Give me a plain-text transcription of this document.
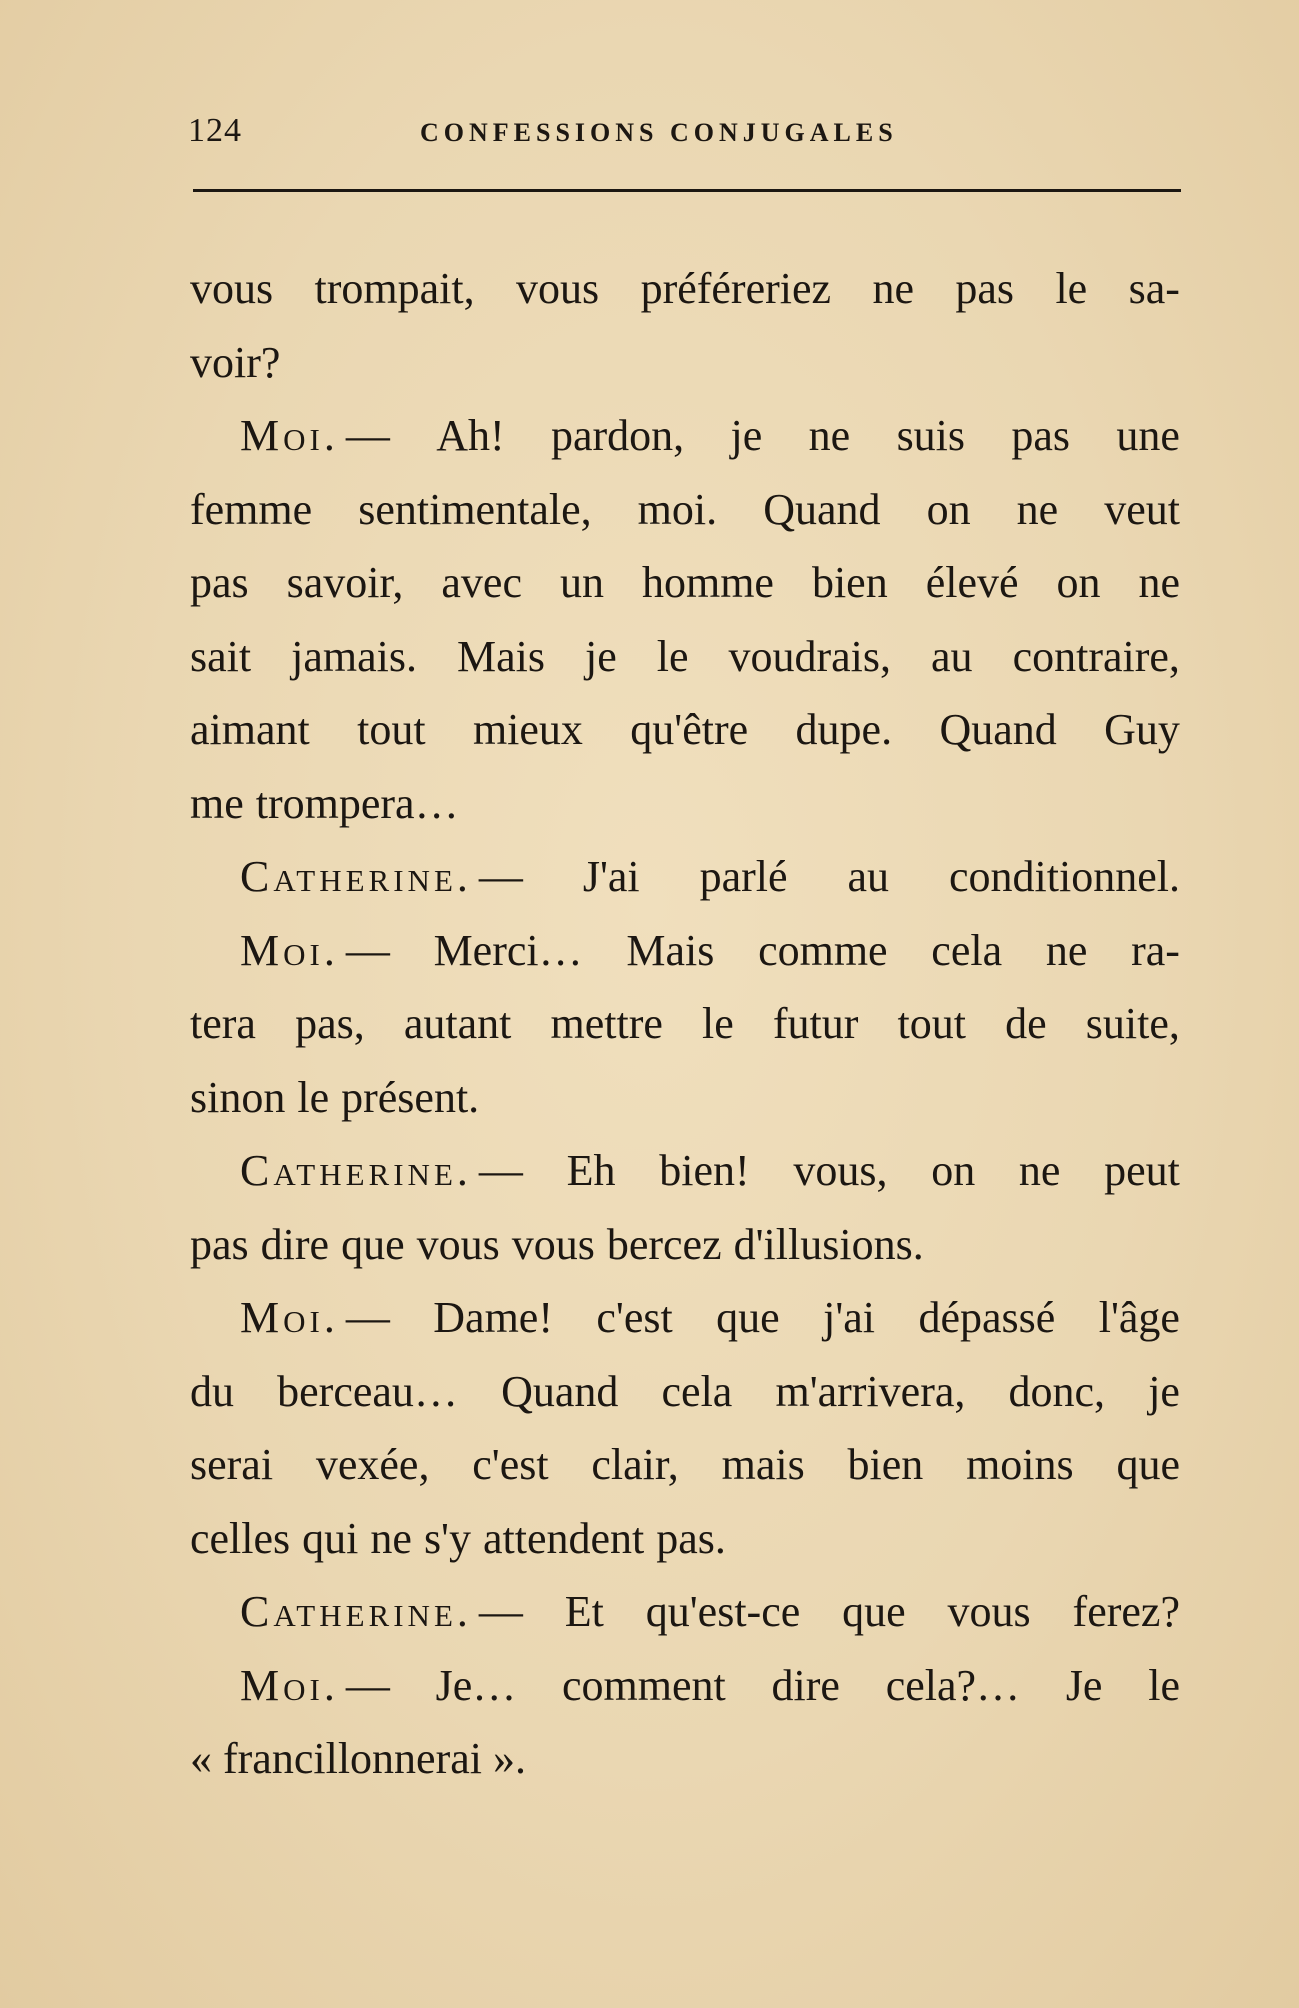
124	CONFESSIONS CONJUGALES
vous trompait, vous préféreriez ne pas le sa-
voir?
Moi. — Ah! pardon, je ne suis pas une
femme sentimentale, moi. Quand on ne veut
pas savoir, avec un homme bien élevé on ne
sait jamais. Mais je le voudrais, au contraire,
aimant tout mieux qu'être dupe. Quand Guy
me trompera…
Catherine. — J'ai parlé au conditionnel.
Moi. — Merci… Mais comme cela ne ra-
tera pas, autant mettre le futur tout de suite,
sinon le présent.
Catherine. — Eh bien! vous, on ne peut
pas dire que vous vous bercez d'illusions.
Moi. — Dame! c'est que j'ai dépassé l'âge
du berceau… Quand cela m'arrivera, donc, je
serai vexée, c'est clair, mais bien moins que
celles qui ne s'y attendent pas.
Catherine. — Et qu'est-ce que vous ferez?
Moi. — Je… comment dire cela?… Je le
« francillonnerai ».
